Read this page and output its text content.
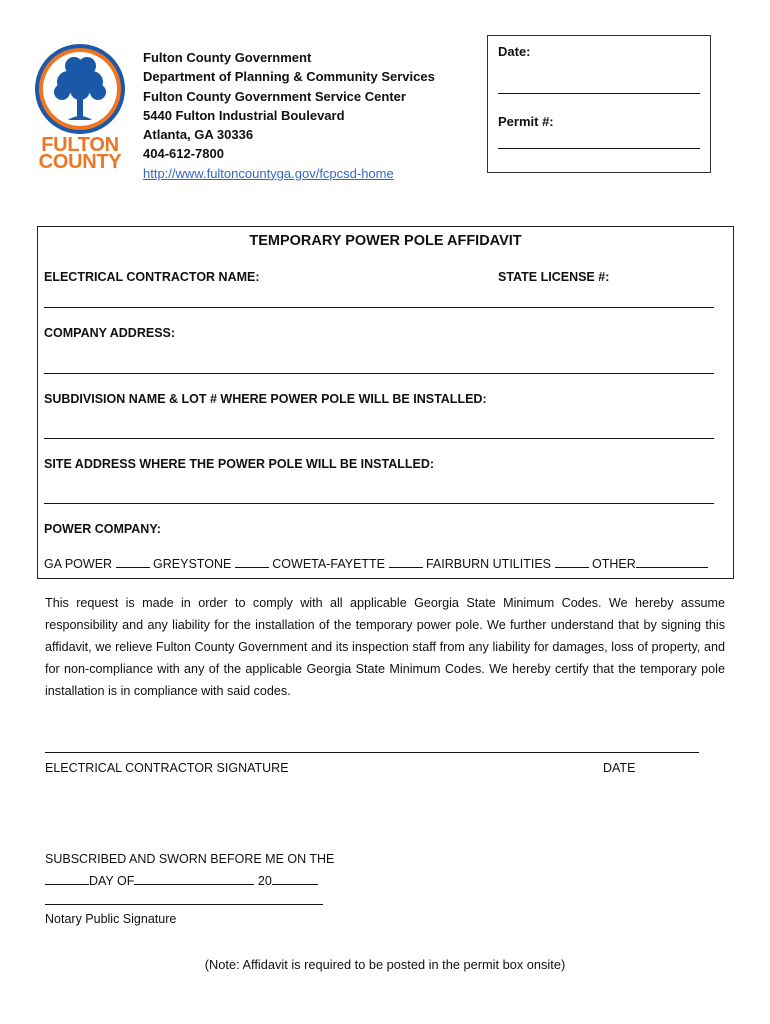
FULTON
COUNTY
Fulton County Government
Department of Planning & Community Services
Fulton County Government Service Center
5440 Fulton Industrial Boulevard
Atlanta, GA 30336
404-612-7800
http://www.fultoncountyga.gov/fcpcsd-home
Date:
Permit #:
TEMPORARY POWER POLE AFFIDAVIT
ELECTRICAL CONTRACTOR NAME:	STATE LICENSE #:
COMPANY ADDRESS:
SUBDIVISION NAME & LOT # WHERE POWER POLE WILL BE INSTALLED:
SITE ADDRESS WHERE THE POWER POLE WILL BE INSTALLED:
POWER COMPANY:
GA POWER	GREYSTONE	COWETA-FAYETTE	FAIRBURN UTILITIES	OTHER
This request is made in order to comply with all applicable Georgia State Minimum Codes. We hereby assume responsibility and any liability for the installation of the temporary power pole. We further understand that by signing this affidavit, we relieve Fulton County Government and its inspection staff from any liability for damages, loss of property, and for non-compliance with any of the applicable Georgia State Minimum Codes. We hereby certify that the temporary pole installation is in compliance with said codes.
ELECTRICAL CONTRACTOR SIGNATURE	DATE
SUBSCRIBED AND SWORN BEFORE ME ON THE
DAY OF	20
Notary Public Signature
(Note: Affidavit is required to be posted in the permit box onsite)
